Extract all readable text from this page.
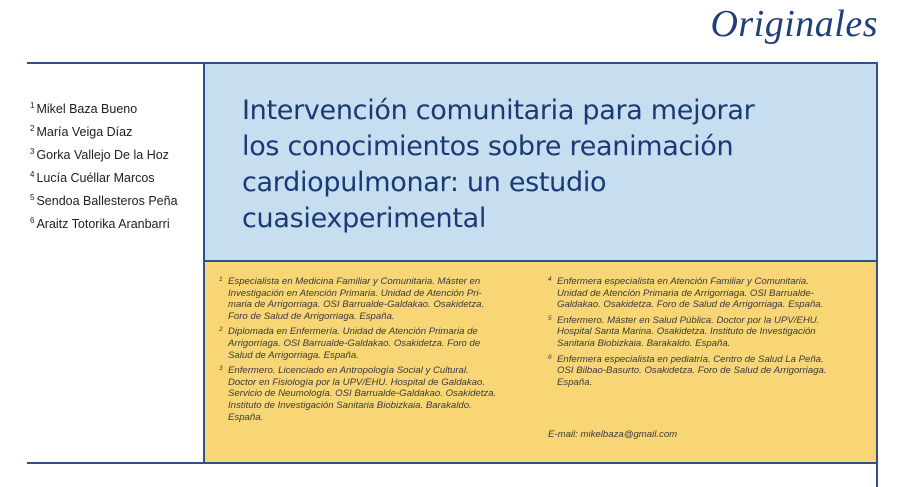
Originales
$^1$ Mikel Baza Bueno
$^2$ María Veiga Díaz
$^3$ Gorka Vallejo De la Hoz
$^4$ Lucía Cuéllar Marcos
$^5$ Sendoa Ballesteros Peña
$^6$ Araitz Totorika Aranbarri
Intervención comunitaria para mejorar
los conocimientos sobre reanimación
cardiopulmonar: un estudio
cuasiexperimental
1 Especialista en Medicina Familiar y Comunitaria. Máster en
Investigación en Atención Primaria. Unidad de Atención Pri-
maria de Arrigorriaga. OSI Barrualde-Galdakao. Osakidetza.
Foro de Salud de Arrigorriaga. España.
2 Diplomada en Enfermería. Unidad de Atención Primaria de
Arrigorriaga. OSI Barrualde-Galdakao. Osakidetza. Foro de
Salud de Arrigorriaga. España.
3 Enfermero. Licenciado en Antropología Social y Cultural.
Doctor en Fisiología por la UPV/EHU. Hospital de Galdakao.
Servicio de Neumología. OSI Barrualde-Galdakao. Osakidetza.
Instituto de Investigación Sanitaria Biobizkaia. Barakaldo.
España.
4 Enfermera especialista en Atención Familiar y Comunitaria.
Unidad de Atención Primaria de Arrigorriaga. OSI Barrualde-
Galdakao. Osakidetza. Foro de Salud de Arrigorriaga. España.
5 Enfermero. Máster en Salud Pública. Doctor por la UPV/EHU.
Hospital Santa Marina. Osakidetza. Instituto de Investigación
Sanitaria Biobizkaia. Barakaldo. España.
6 Enfermera especialista en pediatría. Centro de Salud La Peña.
OSI Bilbao-Basurto. Osakidetza. Foro de Salud de Arrigorriaga.
España.
E-mail: mikelbaza@gmail.com
